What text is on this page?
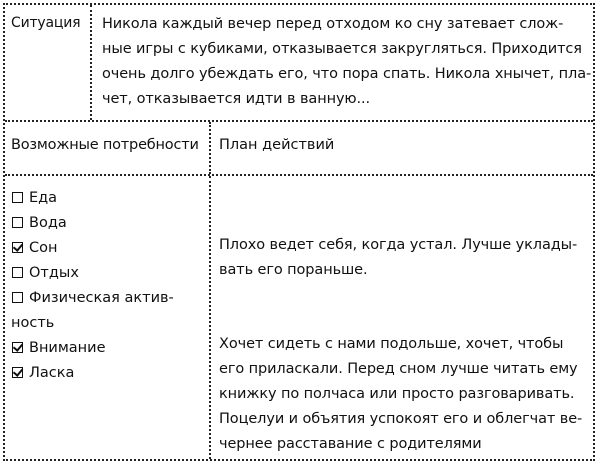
Ситуация	Никола каждый вечер перед отходом ко сну затевает слож-
ные игры с кубиками, отказывается закругляться. Приходится
очень долго убеждать его, что пора спать. Никола хнычет, пла-
чет, отказывается идти в ванную...
Возможные потребности	План действий
Еда
Вода
Сон
Отдых
Физическая актив-
ность
Внимание
Ласка

Плохо ведет себя, когда устал. Лучше уклады-
вать его пораньше.

Хочет сидеть с нами подольше, хочет, чтобы
его приласкали. Перед сном лучше читать ему
книжку по полчаса или просто разговаривать.
Поцелуи и объятия успокоят его и облегчат ве-
чернее расставание с родителями
